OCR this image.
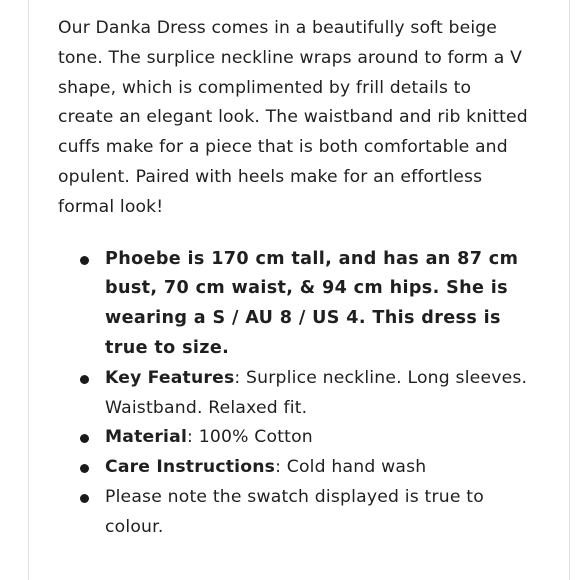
Our Danka Dress comes in a beautifully soft beige tone. The surplice neckline wraps around to form a V shape, which is complimented by frill details to create an elegant look. The waistband and rib knitted cuffs make for a piece that is both comfortable and opulent. Paired with heels make for an effortless formal look!

Phoebe is 170 cm tall, and has an 87 cm bust, 70 cm waist, & 94 cm hips. She is wearing a S / AU 8 / US 4. This dress is true to size.
Key Features: Surplice neckline. Long sleeves. Waistband. Relaxed fit.
Material: 100% Cotton
Care Instructions: Cold hand wash
Please note the swatch displayed is true to colour.
